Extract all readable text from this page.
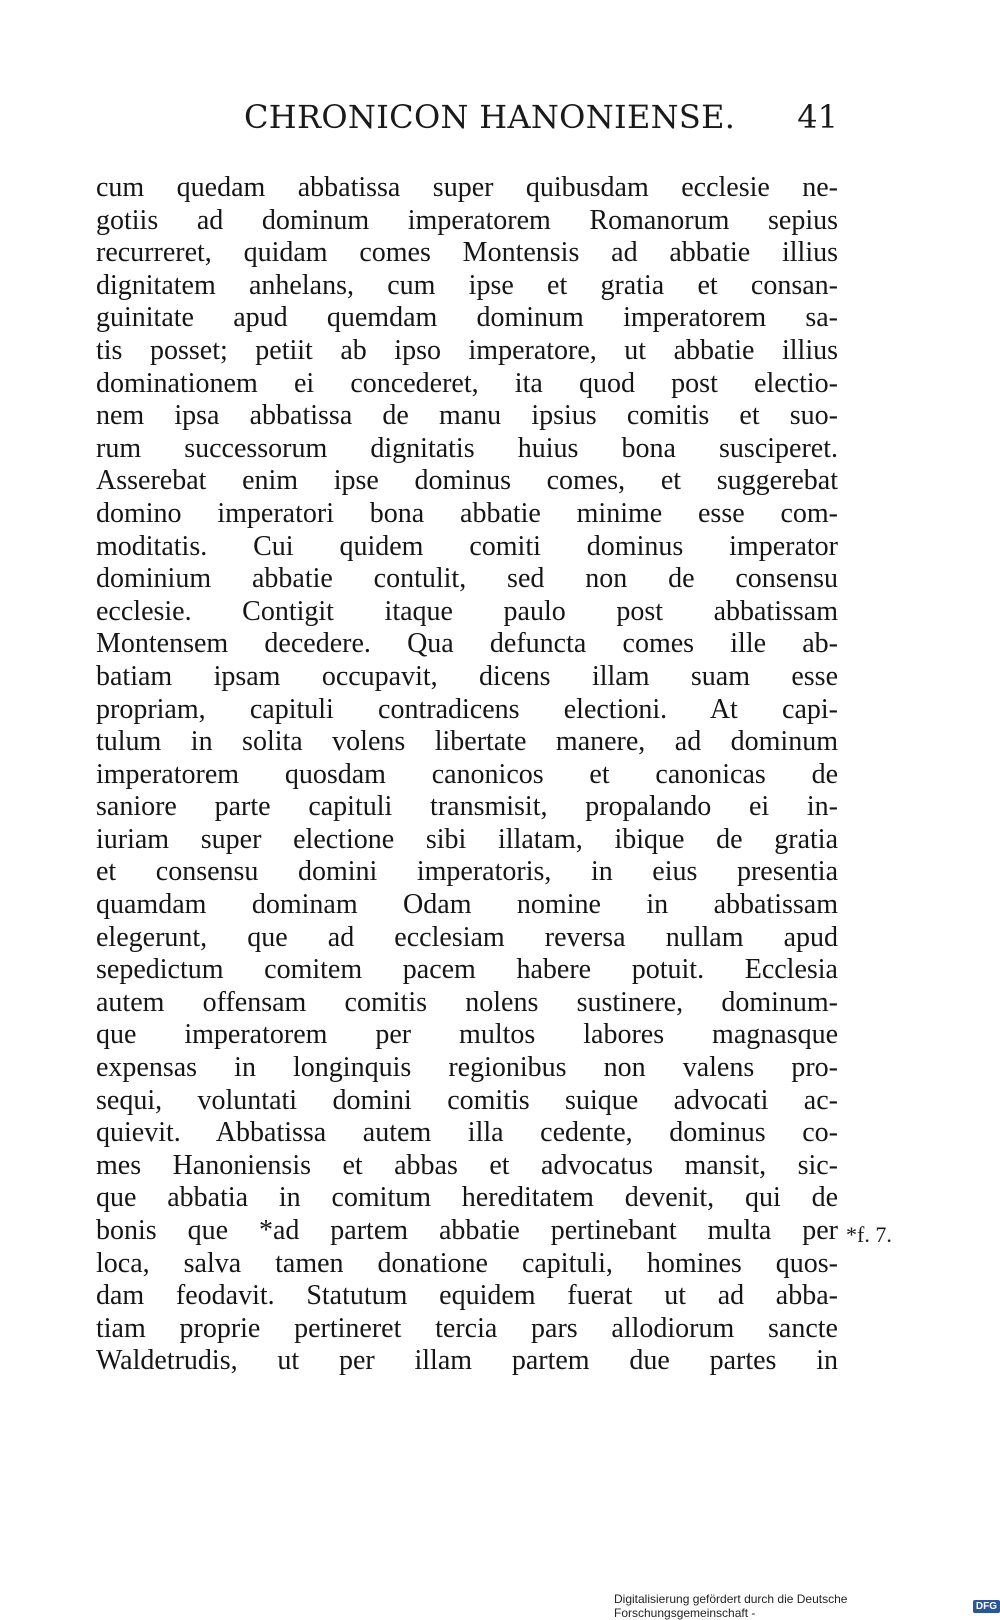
CHRONICON HANONIENSE. 41
cum quedam abbatissa super quibusdam ecclesie ne-
gotiis ad dominum imperatorem Romanorum sepius
recurreret, quidam comes Montensis ad abbatie illius
dignitatem anhelans, cum ipse et gratia et consan-
guinitate apud quemdam dominum imperatorem sa-
tis posset; petiit ab ipso imperatore, ut abbatie illius
dominationem ei concederet, ita quod post electio-
nem ipsa abbatissa de manu ipsius comitis et suo-
rum successorum dignitatis huius bona susciperet.
Asserebat enim ipse dominus comes, et suggerebat
domino imperatori bona abbatie minime esse com-
moditatis. Cui quidem comiti dominus imperator
dominium abbatie contulit, sed non de consensu
ecclesie. Contigit itaque paulo post abbatissam
Montensem decedere. Qua defuncta comes ille ab-
batiam ipsam occupavit, dicens illam suam esse
propriam, capituli contradicens electioni. At capi-
tulum in solita volens libertate manere, ad dominum
imperatorem quosdam canonicos et canonicas de
saniore parte capituli transmisit, propalando ei in-
iuriam super electione sibi illatam, ibique de gratia
et consensu domini imperatoris, in eius presentia
quamdam dominam Odam nomine in abbatissam
elegerunt, que ad ecclesiam reversa nullam apud
sepedictum comitem pacem habere potuit. Ecclesia
autem offensam comitis nolens sustinere, dominum-
que imperatorem per multos labores magnasque
expensas in longinquis regionibus non valens pro-
sequi, voluntati domini comitis suique advocati ac-
quievit. Abbatissa autem illa cedente, dominus co-
mes Hanoniensis et abbas et advocatus mansit, sic-
que abbatia in comitum hereditatem devenit, qui de
bonis que *ad partem abbatie pertinebant multa per
loca, salva tamen donatione capituli, homines quos-
dam feodavit. Statutum equidem fuerat ut ad abba-
tiam proprie pertineret tercia pars allodiorum sancte
Waldetrudis, ut per illam partem due partes in
*f. 7.
Digitalisierung gefördert durch die Deutsche Forschungsgemeinschaft -	DFG
